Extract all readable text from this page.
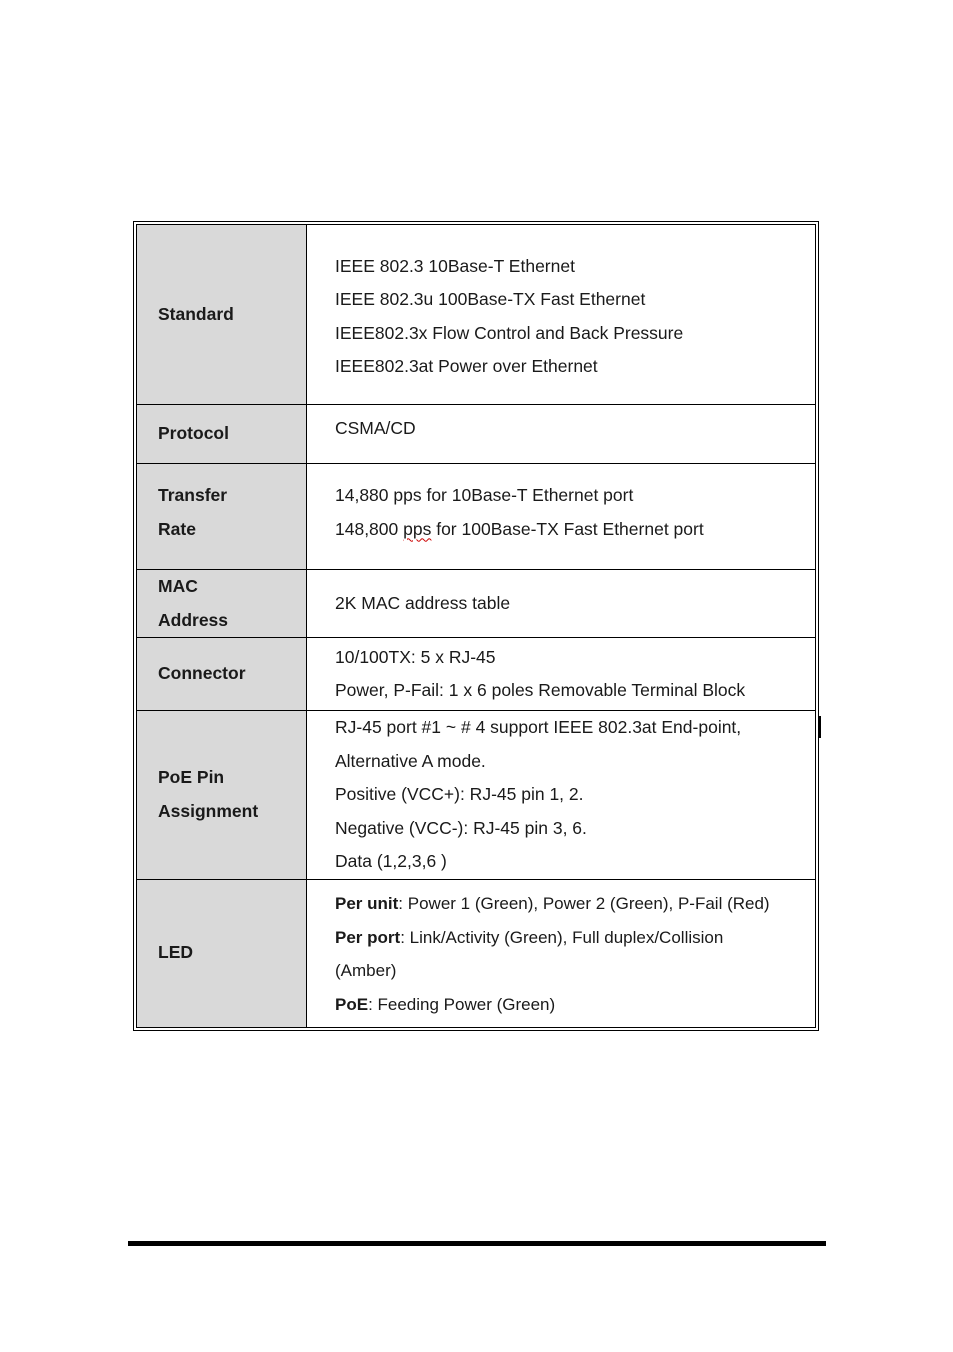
Standard	IEEE 802.3 10Base-T Ethernet
IEEE 802.3u 100Base-TX Fast Ethernet
IEEE802.3x Flow Control and Back Pressure
IEEE802.3at Power over Ethernet

Protocol	CSMA/CD

Transfer
Rate	14,880 pps for 10Base-T Ethernet port
148,800 pps for 100Base-TX Fast Ethernet port

MAC
Address	2K MAC address table

Connector	10/100TX: 5 x RJ-45
Power, P-Fail: 1 x 6 poles Removable Terminal Block

PoE Pin
Assignment	RJ-45 port #1 ~ # 4 support IEEE 802.3at End-point,
Alternative A mode.
Positive (VCC+): RJ-45 pin 1, 2.
Negative (VCC-): RJ-45 pin 3, 6.
Data (1,2,3,6 )

LED	Per unit: Power 1 (Green), Power 2 (Green), P-Fail (Red)
Per port: Link/Activity (Green), Full duplex/Collision
(Amber)
PoE: Feeding Power (Green)
